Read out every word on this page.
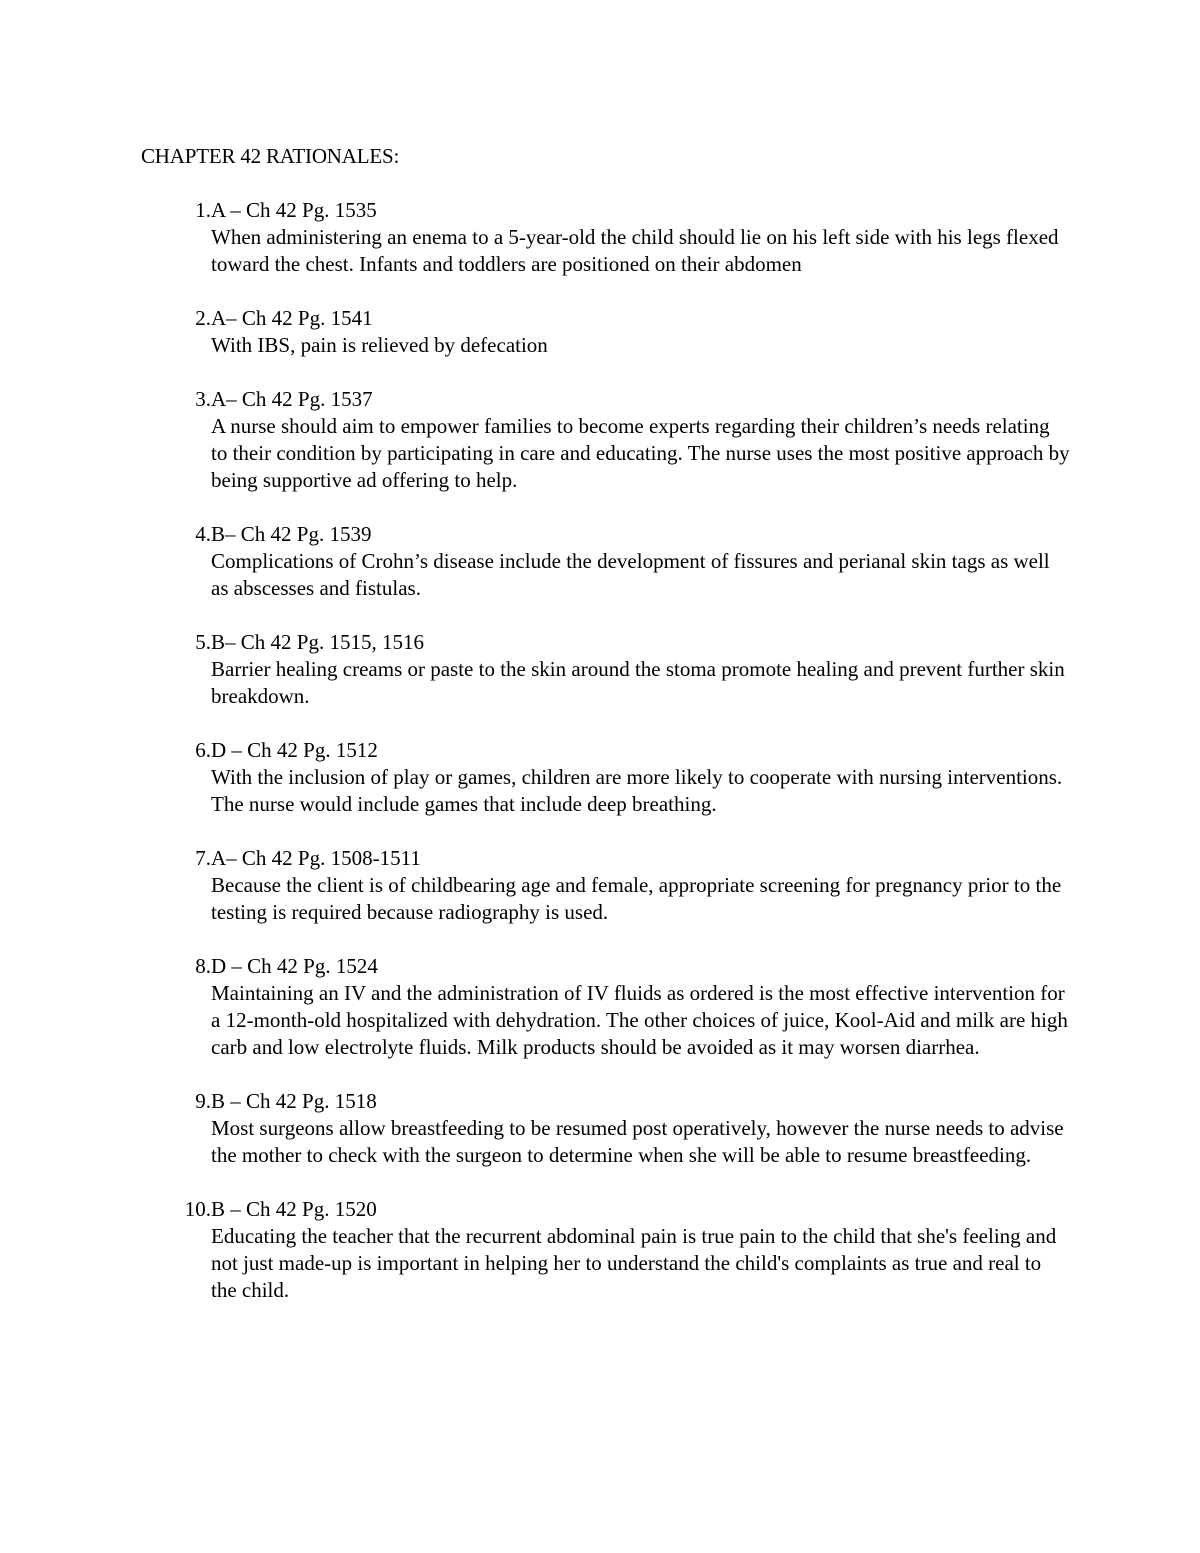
CHAPTER 42 RATIONALES:
1. A – Ch 42 Pg. 1535
When administering an enema to a 5-year-old the child should lie on his left side with his legs flexed toward the chest. Infants and toddlers are positioned on their abdomen
2. A– Ch 42 Pg. 1541
With IBS, pain is relieved by defecation
3. A– Ch 42 Pg. 1537
A nurse should aim to empower families to become experts regarding their children’s needs relating to their condition by participating in care and educating. The nurse uses the most positive approach by being supportive ad offering to help.
4. B– Ch 42 Pg. 1539
Complications of Crohn’s disease include the development of fissures and perianal skin tags as well as abscesses and fistulas.
5. B– Ch 42 Pg. 1515, 1516
Barrier healing creams or paste to the skin around the stoma promote healing and prevent further skin breakdown.
6. D – Ch 42 Pg. 1512
With the inclusion of play or games, children are more likely to cooperate with nursing interventions. The nurse would include games that include deep breathing.
7. A– Ch 42 Pg. 1508-1511
Because the client is of childbearing age and female, appropriate screening for pregnancy prior to the testing is required because radiography is used.
8. D – Ch 42 Pg. 1524
Maintaining an IV and the administration of IV fluids as ordered is the most effective intervention for a 12-month-old hospitalized with dehydration. The other choices of juice, Kool-Aid and milk are high carb and low electrolyte fluids. Milk products should be avoided as it may worsen diarrhea.
9. B – Ch 42 Pg. 1518
Most surgeons allow breastfeeding to be resumed post operatively, however the nurse needs to advise the mother to check with the surgeon to determine when she will be able to resume breastfeeding.
10. B – Ch 42 Pg. 1520
Educating the teacher that the recurrent abdominal pain is true pain to the child that she's feeling and not just made-up is important in helping her to understand the child's complaints as true and real to the child.
